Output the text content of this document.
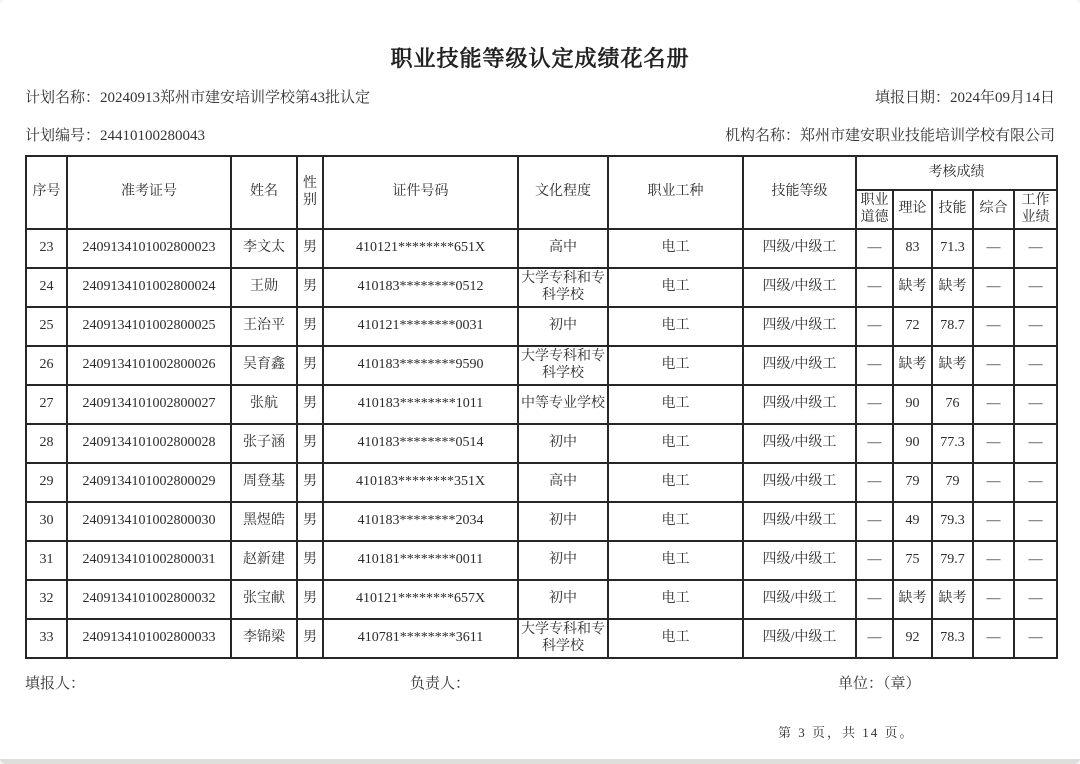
职业技能等级认定成绩花名册
计划名称：20240913郑州市建安培训学校第43批认定	填报日期：2024年09月14日
计划编号：24410100280043	机构名称：郑州市建安职业技能培训学校有限公司
序号	准考证号	姓名	性别	证件号码	文化程度	职业工种	技能等级	考核成绩				
								职业道德	理论	技能	综合	工作业绩
23	2409134101002800023	李文太	男	410121********651X	高中	电工	四级/中级工	—	83	71.3	—	—
24	2409134101002800024	王勋	男	410183********0512	大学专科和专科学校	电工	四级/中级工	—	缺考	缺考	—	—
25	2409134101002800025	王治平	男	410121********0031	初中	电工	四级/中级工	—	72	78.7	—	—
26	2409134101002800026	吴育鑫	男	410183********9590	大学专科和专科学校	电工	四级/中级工	—	缺考	缺考	—	—
27	2409134101002800027	张航	男	410183********1011	中等专业学校	电工	四级/中级工	—	90	76	—	—
28	2409134101002800028	张子涵	男	410183********0514	初中	电工	四级/中级工	—	90	77.3	—	—
29	2409134101002800029	周登基	男	410183********351X	高中	电工	四级/中级工	—	79	79	—	—
30	2409134101002800030	黑煜皓	男	410183********2034	初中	电工	四级/中级工	—	49	79.3	—	—
31	2409134101002800031	赵新建	男	410181********0011	初中	电工	四级/中级工	—	75	79.7	—	—
32	2409134101002800032	张宝献	男	410121********657X	初中	电工	四级/中级工	—	缺考	缺考	—	—
33	2409134101002800033	李锦梁	男	410781********3611	大学专科和专科学校	电工	四级/中级工	—	92	78.3	—	—
填报人：	负责人：	单位：（章）
第 3 页，共 14 页。
